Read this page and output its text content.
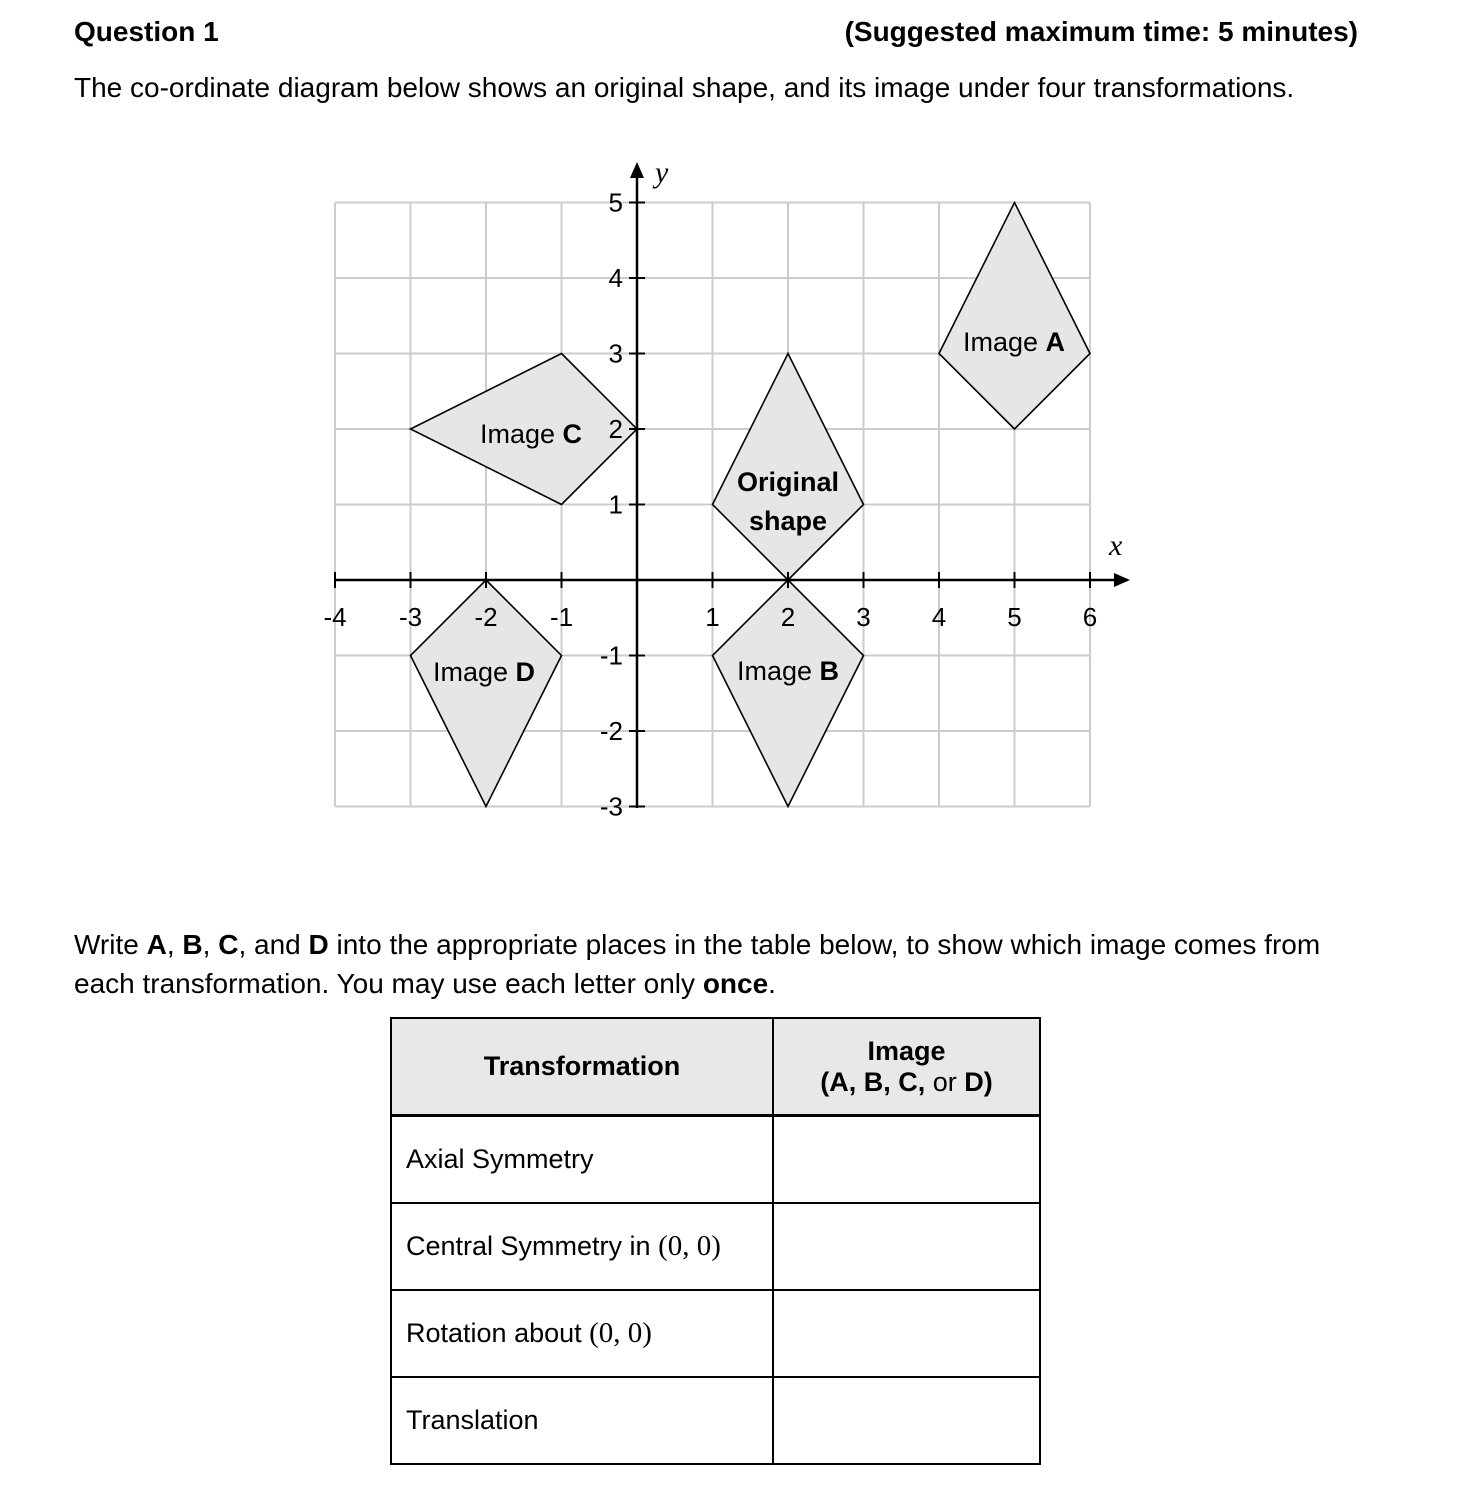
Question 1	(Suggested maximum time: 5 minutes)
The co-ordinate diagram below shows an original shape, and its image under four transformations.
x
y
-4 -3 -2 -1	1 2 3 4 5 6
5
4
3
2
1
-1
-2
-3
Original
shape
Image A
Image B
Image C
Image D
Write A, B, C, and D into the appropriate places in the table below, to show which image comes from each transformation. You may use each letter only once.
Transformation	Image
(A, B, C, or D)

Axial Symmetry	
Central Symmetry in (0, 0)	
Rotation about (0, 0)	
Translation	
